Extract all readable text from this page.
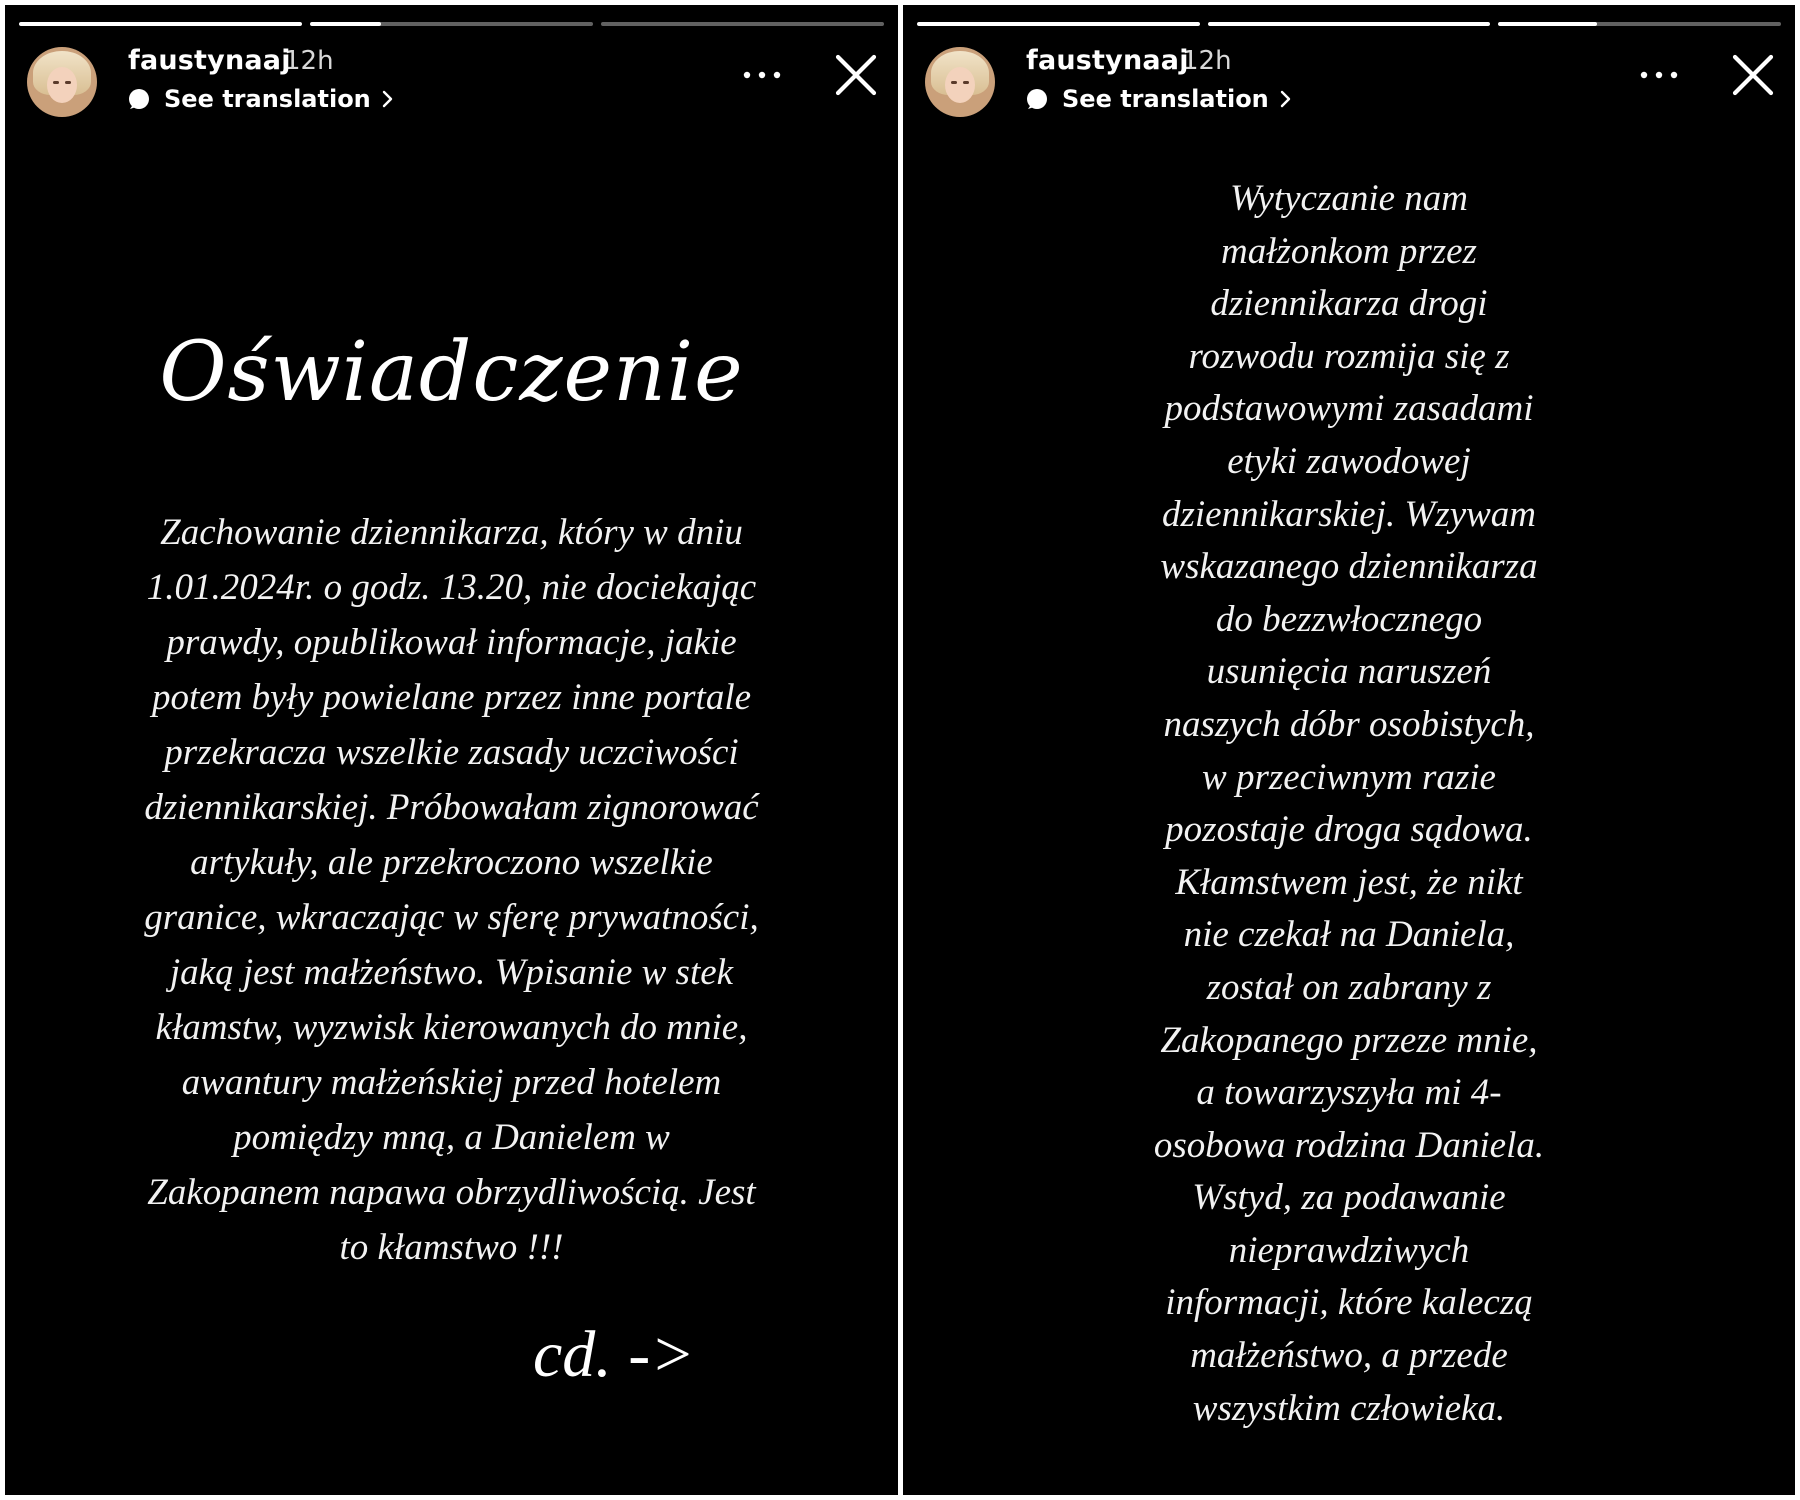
faustynaaj
12h
See translation
Oświadczenie
Zachowanie dziennikarza, który w dniu
1.01.2024r. o godz. 13.20, nie dociekając
prawdy, opublikował informacje, jakie
potem były powielane przez inne portale
przekracza wszelkie zasady uczciwości
dziennikarskiej. Próbowałam zignorować
artykuły, ale przekroczono wszelkie
granice, wkraczając w sferę prywatności,
jaką jest małżeństwo. Wpisanie w stek
kłamstw, wyzwisk kierowanych do mnie,
awantury małżeńskiej przed hotelem
pomiędzy mną, a Danielem w
Zakopanem napawa obrzydliwością. Jest
to kłamstwo !!!
cd. ->
faustynaaj
12h
See translation
Wytyczanie nam
małżonkom przez
dziennikarza drogi
rozwodu rozmija się z
podstawowymi zasadami
etyki zawodowej
dziennikarskiej. Wzywam
wskazanego dziennikarza
do bezzwłocznego
usunięcia naruszeń
naszych dóbr osobistych,
w przeciwnym razie
pozostaje droga sądowa.
Kłamstwem jest, że nikt
nie czekał na Daniela,
został on zabrany z
Zakopanego przeze mnie,
a towarzyszyła mi 4-
osobowa rodzina Daniela.
Wstyd, za podawanie
nieprawdziwych
informacji, które kaleczą
małżeństwo, a przede
wszystkim człowieka.
